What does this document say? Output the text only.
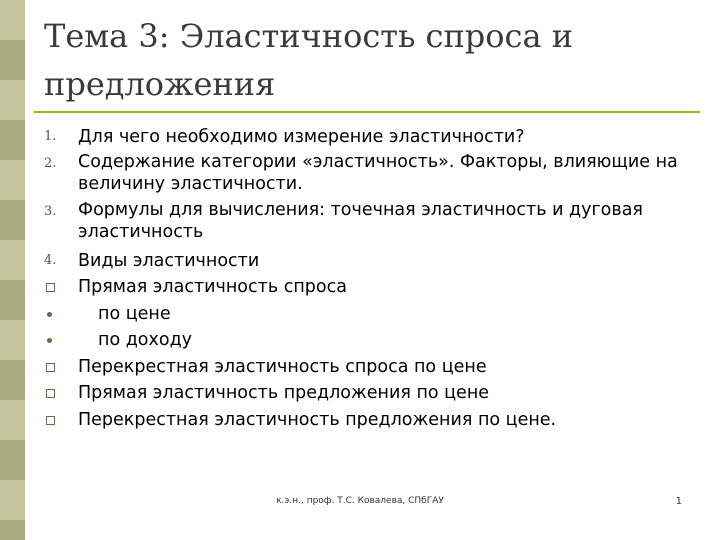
Тема 3: Эластичность спроса и предложения
1.	Для чего необходимо измерение эластичности?
2.	Содержание категории «эластичность». Факторы, влияющие на величину эластичности.
3.	Формулы для вычисления: точечная эластичность и дуговая эластичность
4.	Виды эластичности
Прямая эластичность спроса
по цене
по доходу
Перекрестная эластичность спроса по цене
Прямая эластичность предложения по цене
Перекрестная эластичность предложения по цене.
к.э.н., проф. Т.С. Ковалева, СПбГАУ	1
